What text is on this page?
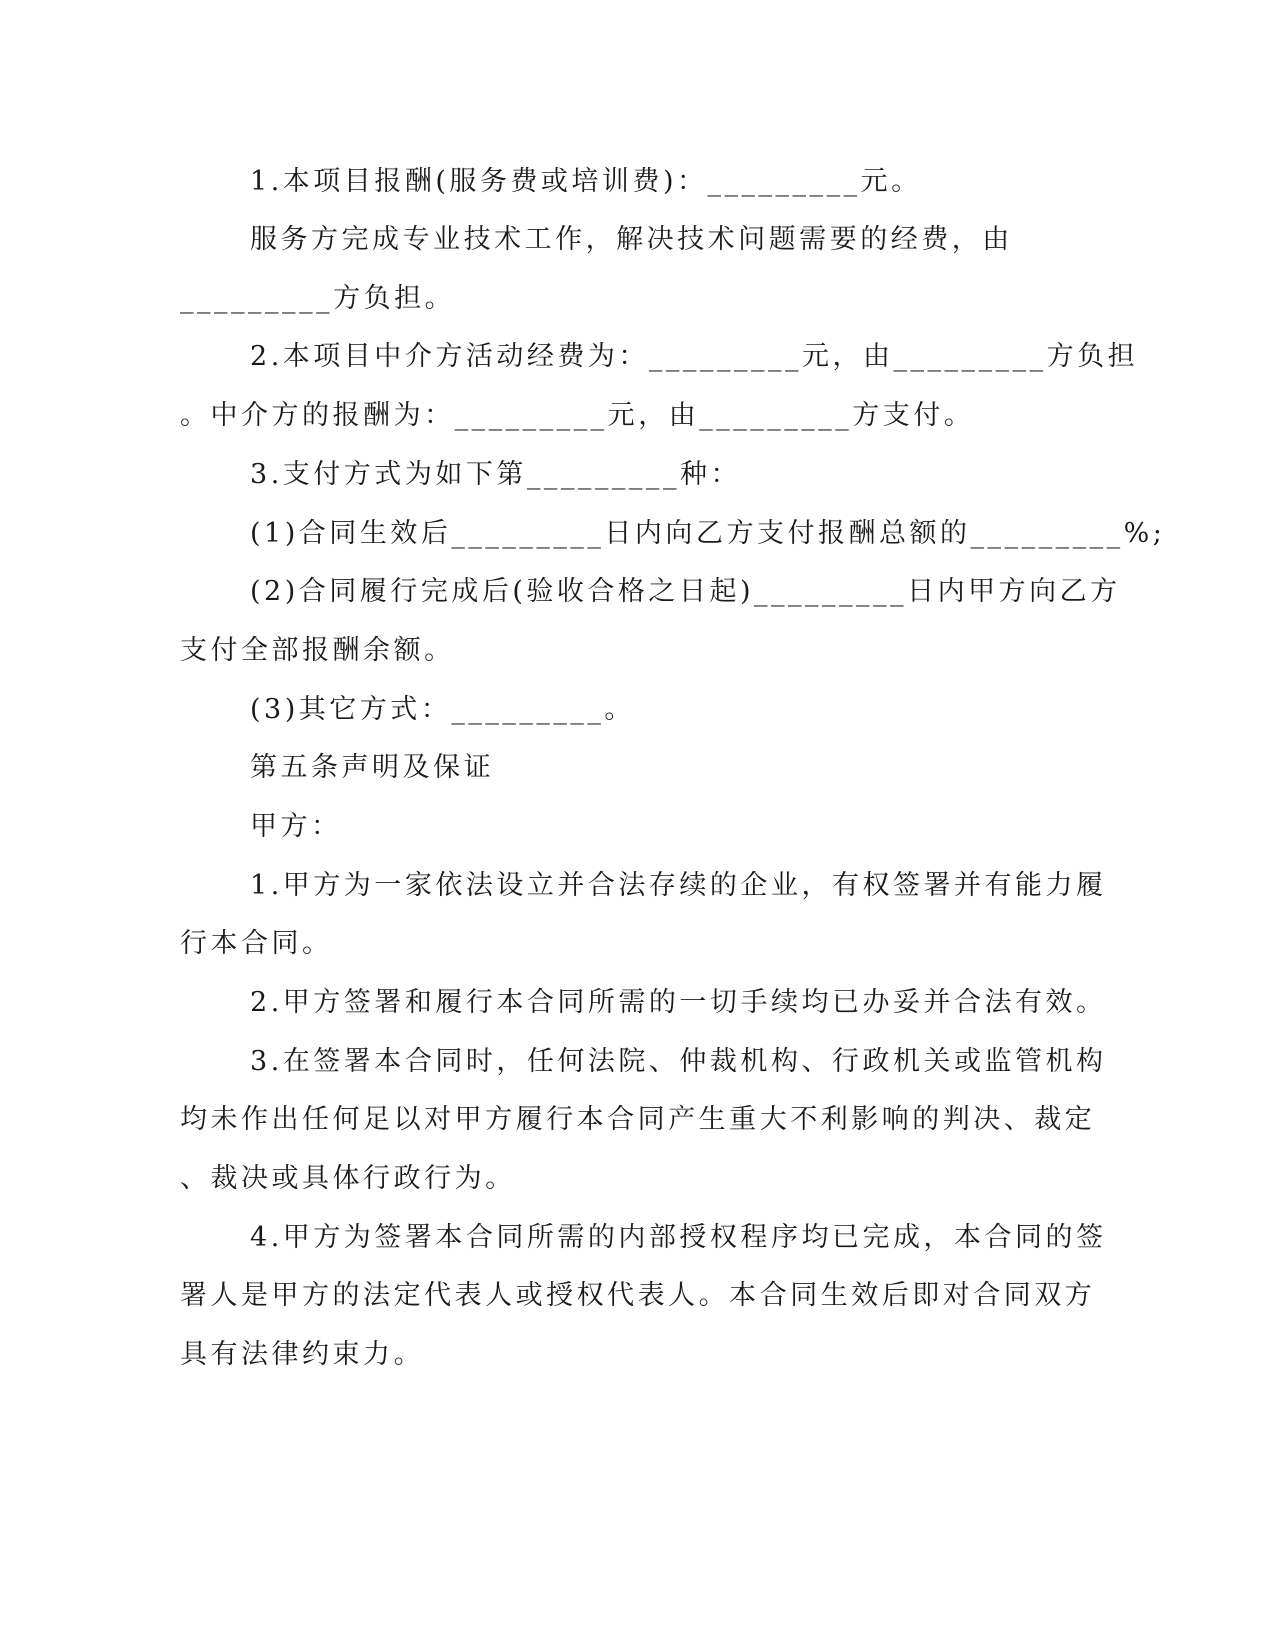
1.本项目报酬(服务费或培训费)：_________元。
服务方完成专业技术工作，解决技术问题需要的经费，由
_________方负担。
2.本项目中介方活动经费为：_________元，由_________方负担
。中介方的报酬为：_________元，由_________方支付。
3.支付方式为如下第_________种：
(1)合同生效后_________日内向乙方支付报酬总额的_________%;
(2)合同履行完成后(验收合格之日起)_________日内甲方向乙方
支付全部报酬余额。
(3)其它方式：_________。
第五条声明及保证
甲方：
1.甲方为一家依法设立并合法存续的企业，有权签署并有能力履
行本合同。
2.甲方签署和履行本合同所需的一切手续均已办妥并合法有效。
3.在签署本合同时，任何法院、仲裁机构、行政机关或监管机构
均未作出任何足以对甲方履行本合同产生重大不利影响的判决、裁定
、裁决或具体行政行为。
4.甲方为签署本合同所需的内部授权程序均已完成，本合同的签
署人是甲方的法定代表人或授权代表人。本合同生效后即对合同双方
具有法律约束力。
